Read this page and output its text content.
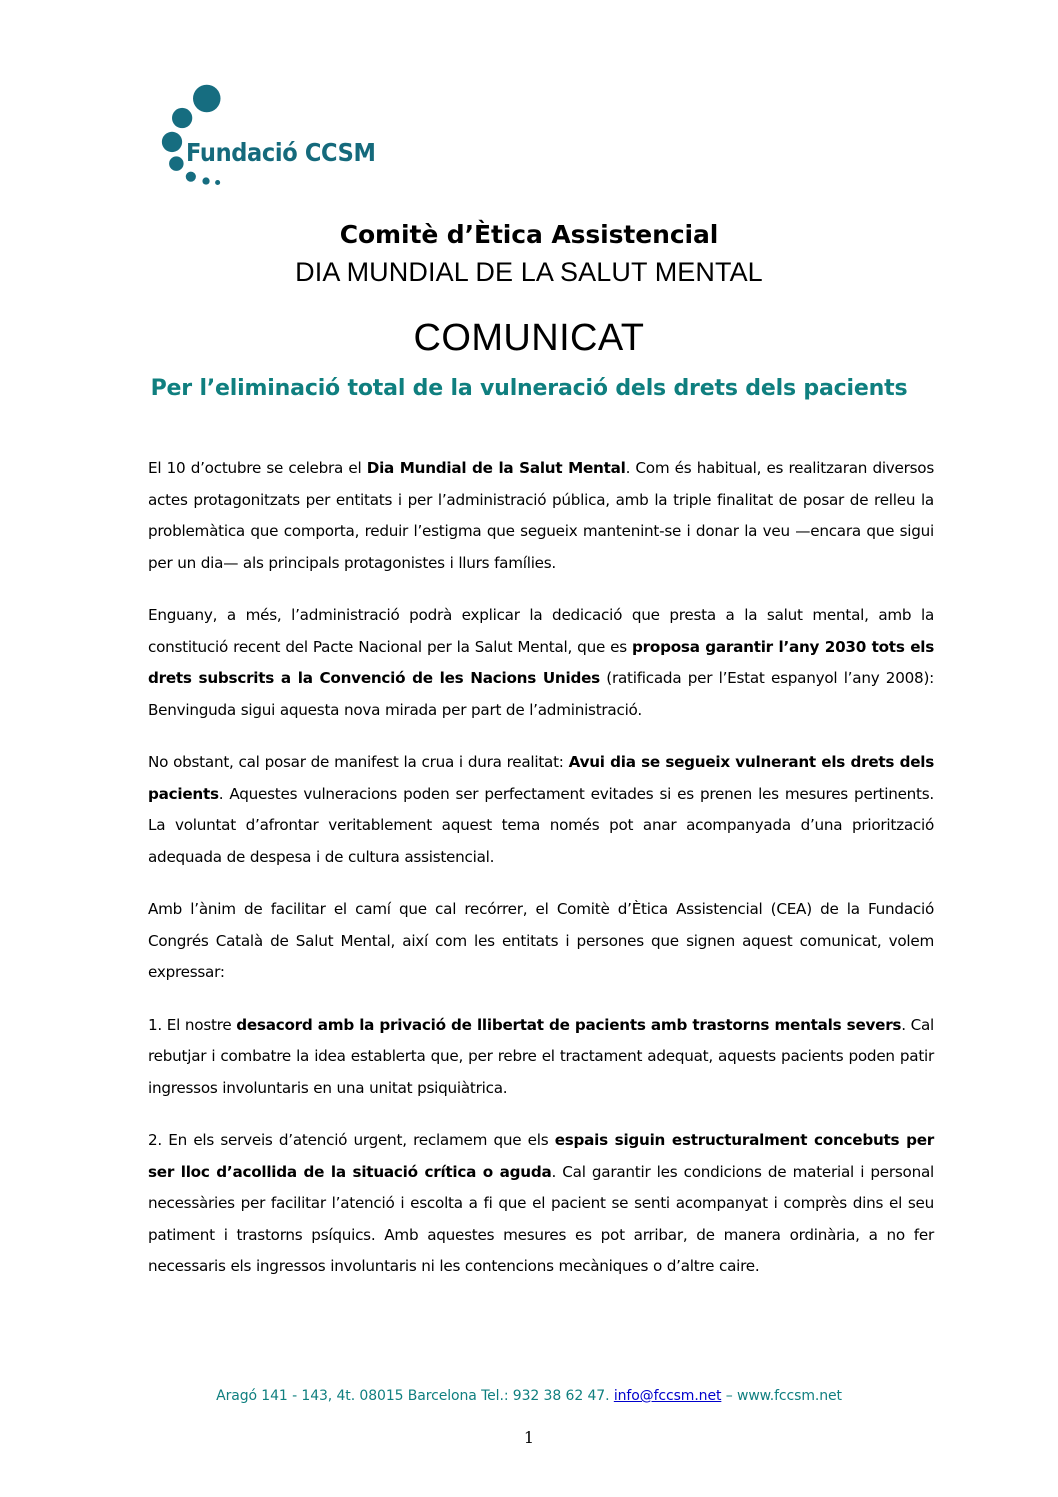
Fundació CCSM
Comitè d’Ètica Assistencial
DIA MUNDIAL DE LA SALUT MENTAL
COMUNICAT
Per l’eliminació total de la vulneració dels drets dels pacients

El 10 d’octubre se celebra el Dia Mundial de la Salut Mental. Com és habitual, es realitzaran diversos actes protagonitzats per entitats i per l’administració pública, amb la triple finalitat de posar de relleu la problemàtica que comporta, reduir l’estigma que segueix mantenint-se i donar la veu —encara que sigui per un dia— als principals protagonistes i llurs famílies.

Enguany, a més, l’administració podrà explicar la dedicació que presta a la salut mental, amb la constitució recent del Pacte Nacional per la Salut Mental, que es proposa garantir l’any 2030 tots els drets subscrits a la Convenció de les Nacions Unides (ratificada per l’Estat espanyol l’any 2008): Benvinguda sigui aquesta nova mirada per part de l’administració.

No obstant, cal posar de manifest la crua i dura realitat: Avui dia se segueix vulnerant els drets dels pacients. Aquestes vulneracions poden ser perfectament evitades si es prenen les mesures pertinents. La voluntat d’afrontar veritablement aquest tema només pot anar acompanyada d’una priorització adequada de despesa i de cultura assistencial.

Amb l’ànim de facilitar el camí que cal recórrer, el Comitè d’Ètica Assistencial (CEA) de la Fundació Congrés Català de Salut Mental, així com les entitats i persones que signen aquest comunicat, volem expressar:

1. El nostre desacord amb la privació de llibertat de pacients amb trastorns mentals severs. Cal rebutjar i combatre la idea establerta que, per rebre el tractament adequat, aquests pacients poden patir ingressos involuntaris en una unitat psiquiàtrica.

2. En els serveis d’atenció urgent, reclamem que els espais siguin estructuralment concebuts per ser lloc d’acollida de la situació crítica o aguda. Cal garantir les condicions de material i personal necessàries per facilitar l’atenció i escolta a fi que el pacient se senti acompanyat i comprès dins el seu patiment i trastorns psíquics. Amb aquestes mesures es pot arribar, de manera ordinària, a no fer necessaris els ingressos involuntaris ni les contencions mecàniques o d’altre caire.

Aragó 141 - 143, 4t. 08015 Barcelona Tel.: 932 38 62 47. info@fccsm.net – www.fccsm.net
1
